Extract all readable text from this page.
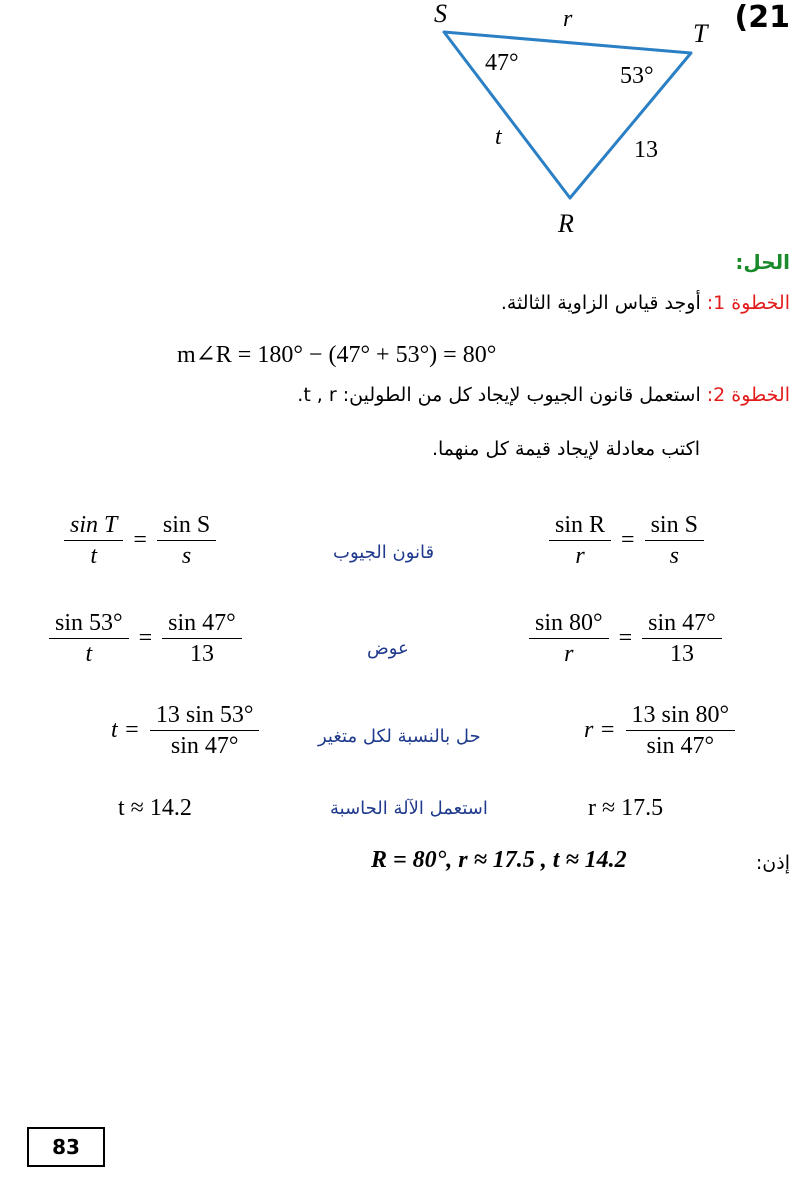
(21
S
T
R
r
t	13
47°	53°
الحل:
الخطوة 1: أوجد قياس الزاوية الثالثة.
m∠R = 180° − (47° + 53°) = 80°
الخطوة 2: استعمل قانون الجيوب لإيجاد كل من الطولين: t , r.
اكتب معادلة لإيجاد قيمة كل منهما.
$\frac{\text{sin T}}{t} = \frac{\text{sin S}}{s}$	قانون الجيوب	$\frac{\text{sin R}}{r} = \frac{\text{sin S}}{s}$
$\frac{\sin 53^\circ}{t} = \frac{\sin 47^\circ}{13}$	عوض	$\frac{\sin 80^\circ}{r} = \frac{\sin 47^\circ}{13}$
$t = \frac{13 \sin 53^\circ}{\sin 47^\circ}$	حل بالنسبة لكل متغير	$r = \frac{13 \sin 80^\circ}{\sin 47^\circ}$
t ≈ 14.2	استعمل الآلة الحاسبة	r ≈ 17.5
إذن:
R = 80°, r ≈ 17.5 , t ≈ 14.2
83
